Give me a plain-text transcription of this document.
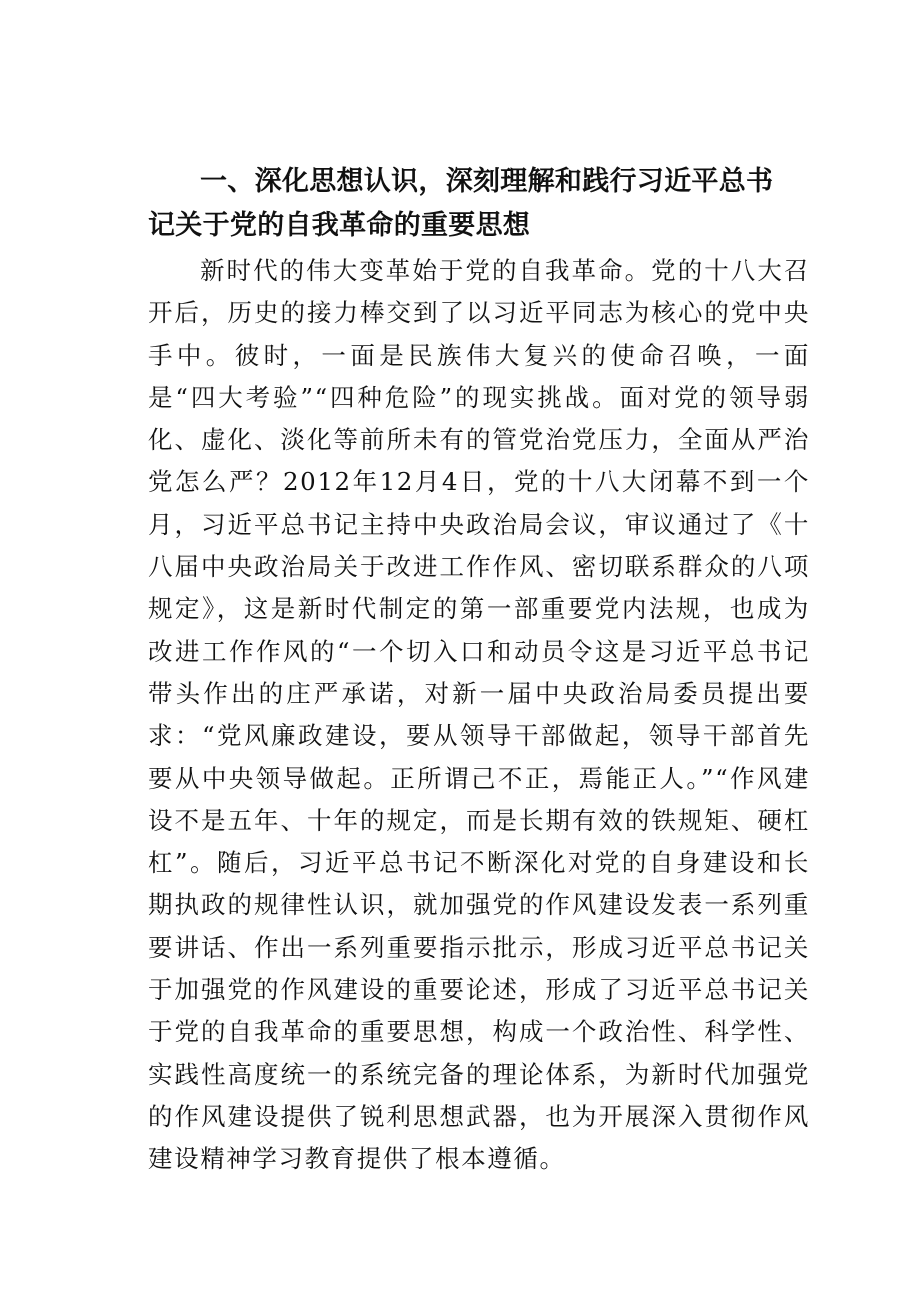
一、深化思想认识，深刻理解和践行习近平总书记关于党的自我革命的重要思想

新时代的伟大变革始于党的自我革命。党的十八大召开后，历史的接力棒交到了以习近平同志为核心的党中央手中。彼时，一面是民族伟大复兴的使命召唤，一面是“四大考验”“四种危险”的现实挑战。面对党的领导弱化、虚化、淡化等前所未有的管党治党压力，全面从严治党怎么严？2012年12月4日，党的十八大闭幕不到一个月，习近平总书记主持中央政治局会议，审议通过了《十八届中央政治局关于改进工作作风、密切联系群众的八项规定》，这是新时代制定的第一部重要党内法规，也成为改进工作作风的“一个切入口和动员令这是习近平总书记带头作出的庄严承诺，对新一届中央政治局委员提出要求：“党风廉政建设，要从领导干部做起，领导干部首先要从中央领导做起。正所谓己不正，焉能正人。”“作风建设不是五年、十年的规定，而是长期有效的铁规矩、硬杠杠”。随后，习近平总书记不断深化对党的自身建设和长期执政的规律性认识，就加强党的作风建设发表一系列重要讲话、作出一系列重要指示批示，形成习近平总书记关于加强党的作风建设的重要论述，形成了习近平总书记关于党的自我革命的重要思想，构成一个政治性、科学性、实践性高度统一的系统完备的理论体系，为新时代加强党的作风建设提供了锐利思想武器，也为开展深入贯彻作风建设精神学习教育提供了根本遵循。
